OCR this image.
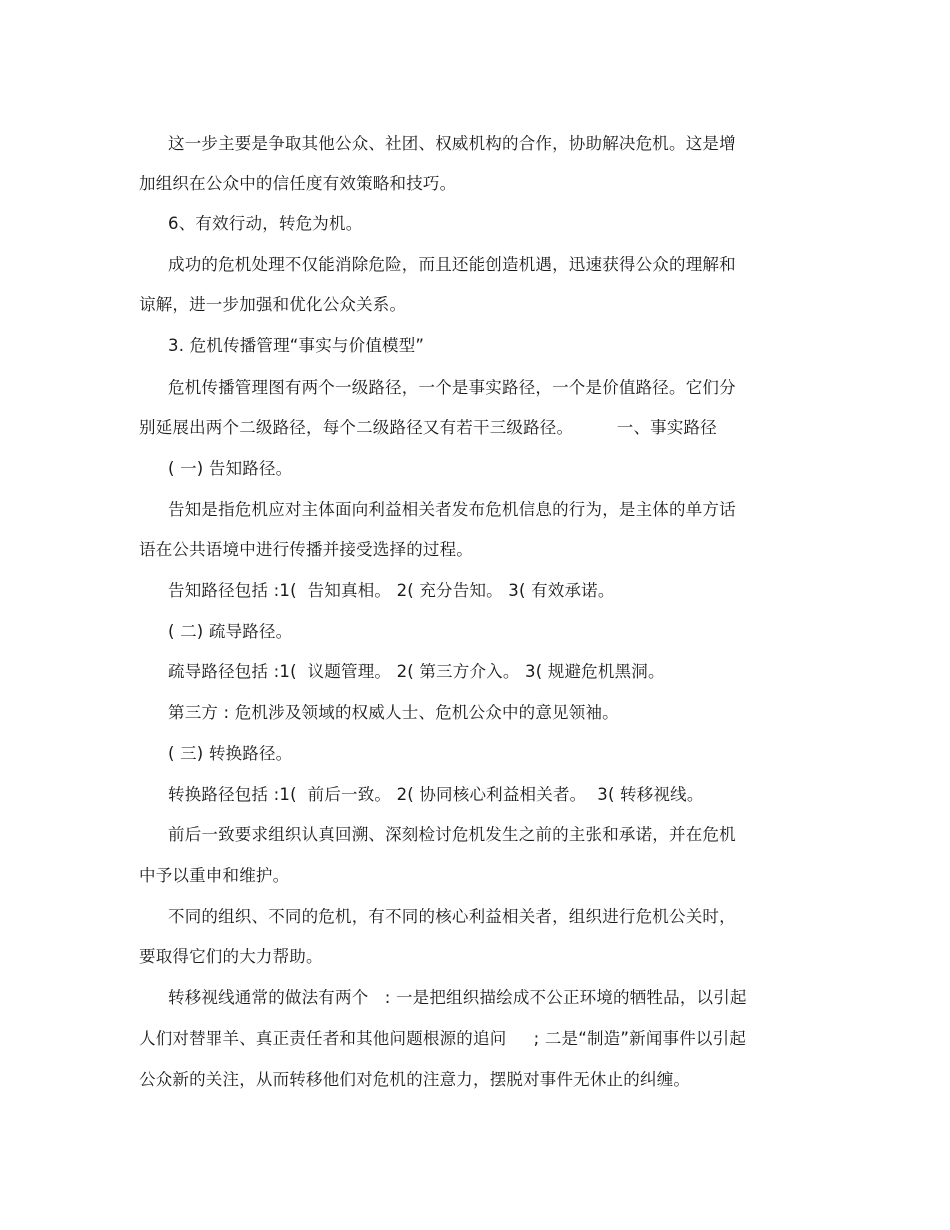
这一步主要是争取其他公众、社团、权威机构的合作，协助解决危机。这是增
加组织在公众中的信任度有效策略和技巧。
6、有效行动，转危为机。
成功的危机处理不仅能消除危险，而且还能创造机遇，迅速获得公众的理解和
谅解，进一步加强和优化公众关系。
3. 危机传播管理“事实与价值模型”
危机传播管理图有两个一级路径，一个是事实路径，一个是价值路径。它们分
别延展出两个二级路径，每个二级路径又有若干三级路径。        一、事实路径
( 一) 告知路径。
告知是指危机应对主体面向利益相关者发布危机信息的行为，是主体的单方话
语在公共语境中进行传播并接受选择的过程。
告知路径包括 :1(  告知真相。 2( 充分告知。 3( 有效承诺。
( 二) 疏导路径。
疏导路径包括 :1(  议题管理。 2( 第三方介入。 3( 规避危机黑洞。
第三方 : 危机涉及领域的权威人士、危机公众中的意见领袖。
( 三) 转换路径。
转换路径包括 :1(  前后一致。 2( 协同核心利益相关者。  3( 转移视线。
前后一致要求组织认真回溯、深刻检讨危机发生之前的主张和承诺，并在危机
中予以重申和维护。
不同的组织、不同的危机，有不同的核心利益相关者，组织进行危机公关时，
要取得它们的大力帮助。
转移视线通常的做法有两个   : 一是把组织描绘成不公正环境的牺牲品，以引起
人们对替罪羊、真正责任者和其他问题根源的追问     ; 二是“制造”新闻事件以引起
公众新的关注，从而转移他们对危机的注意力，摆脱对事件无休止的纠缠。
